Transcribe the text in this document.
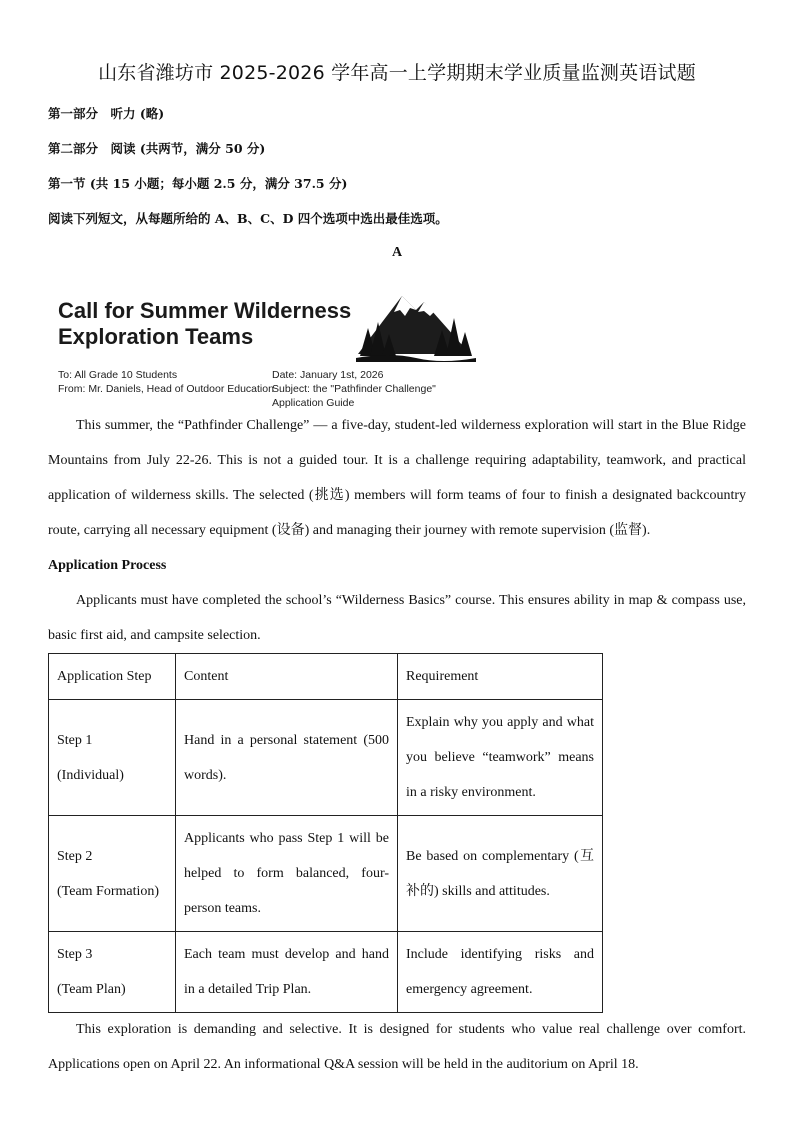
山东省潍坊市 2025-2026 学年高一上学期期末学业质量监测英语试题
第一部分　听力 (略)
第二部分　阅读 (共两节，满分 50 分)
第一节 (共 15 小题；每小题 2.5 分，满分 37.5 分)
阅读下列短文，从每题所给的 A、B、C、D 四个选项中选出最佳选项。
A
Call for Summer Wilderness
Exploration Teams
To: All Grade 10 Students
From: Mr. Daniels, Head of Outdoor Education
Date: January 1st, 2026
Subject: the "Pathfinder Challenge" Application Guide
This summer, the “Pathfinder Challenge” — a five-day, student-led wilderness exploration will start in the Blue Ridge Mountains from July 22-26. This is not a guided tour. It is a challenge requiring adaptability, teamwork, and practical application of wilderness skills. The selected (挑选) members will form teams of four to finish a designated backcountry route, carrying all necessary equipment (设备) and managing their journey with remote supervision (监督).
Application Process
Applicants must have completed the school’s “Wilderness Basics” course. This ensures ability in map & compass use, basic first aid, and campsite selection.
Application Step	Content	Requirement

Step 1
(Individual)	Hand in a personal statement (500 words).	Explain why you apply and what you believe “teamwork” means in a risky environment.

Step 2
(Team Formation)	Applicants who pass Step 1 will be helped to form balanced, four-person teams.	Be based on complementary (互补的) skills and attitudes.

Step 3
(Team Plan)	Each team must develop and hand in a detailed Trip Plan.	Include identifying risks and emergency agreement.
This exploration is demanding and selective. It is designed for students who value real challenge over comfort. Applications open on April 22. An informational Q&A session will be held in the auditorium on April 18.
